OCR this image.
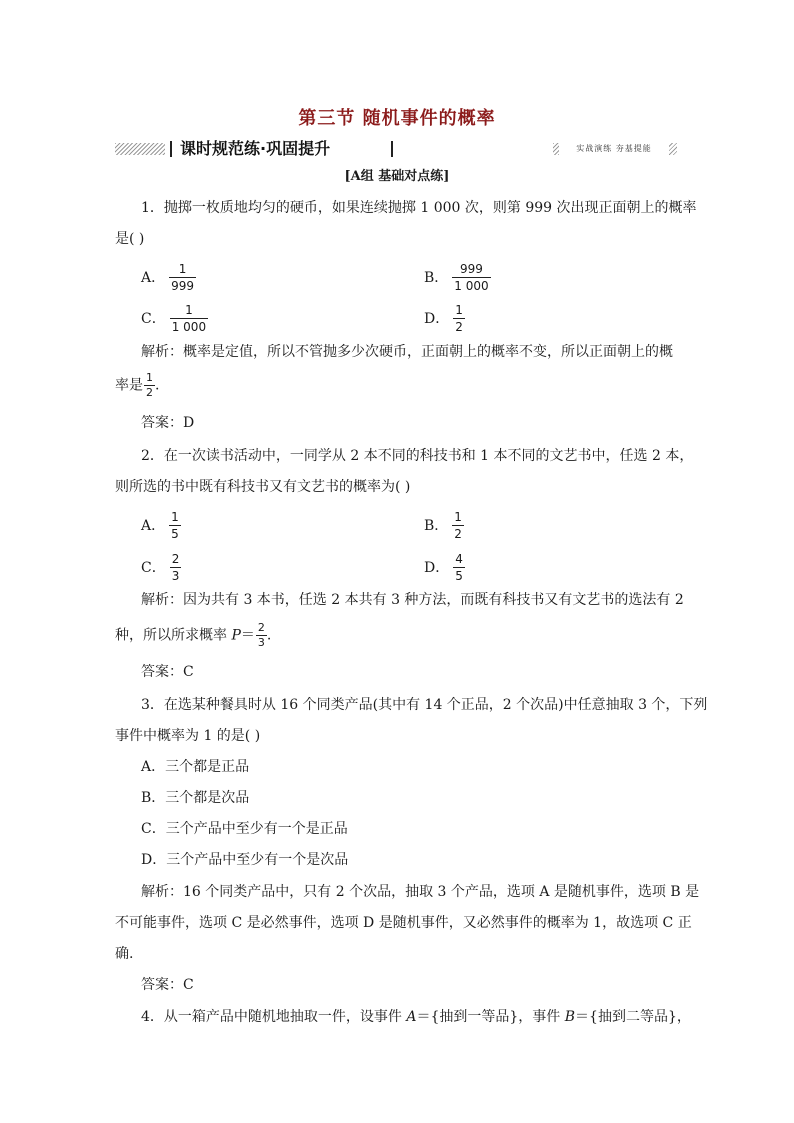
第三节 随机事件的概率
课时规范练·巩固提升	实战演练 夯基提能
[A组 基础对点练]
1．抛掷一枚质地均匀的硬币，如果连续抛掷 1 000 次，则第 999 次出现正面朝上的概率
是( )
A． $\frac{1}{999}$	B． $\frac{999}{1 000}$
C． $\frac{1}{1 000}$	D． $\frac{1}{2}$
解析：概率是定值，所以不管抛多少次硬币，正面朝上的概率不变，所以正面朝上的概
率是 $\frac{1}{2}$ .
答案：D
2．在一次读书活动中，一同学从 2 本不同的科技书和 1 本不同的文艺书中，任选 2 本，
则所选的书中既有科技书又有文艺书的概率为( )
A． $\frac{1}{5}$	B． $\frac{1}{2}$
C． $\frac{2}{3}$	D． $\frac{4}{5}$
解析：因为共有 3 本书，任选 2 本共有 3 种方法，而既有科技书又有文艺书的选法有 2
种，所以所求概率 $P= \frac{2}{3}$ .
答案：C
3．在选某种餐具时从 16 个同类产品(其中有 14 个正品，2 个次品)中任意抽取 3 个，下列
事件中概率为 1 的是( )
A．三个都是正品
B．三个都是次品
C．三个产品中至少有一个是正品
D．三个产品中至少有一个是次品
解析：16 个同类产品中，只有 2 个次品，抽取 3 个产品，选项 A 是随机事件，选项 B 是
不可能事件，选项 C 是必然事件，选项 D 是随机事件，又必然事件的概率为 1，故选项 C 正
确.
答案：C
4．从一箱产品中随机地抽取一件，设事件 A＝{抽到一等品}，事件 B＝{抽到二等品}，
